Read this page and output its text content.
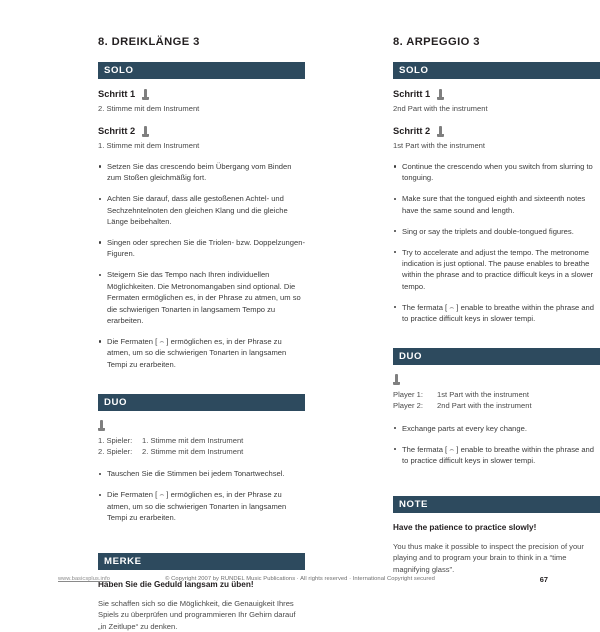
8. DREIKLÄNGE 3
SOLO
Schritt 1
2. Stimme mit dem Instrument
Schritt 2
1. Stimme mit dem Instrument
Setzen Sie das crescendo beim Übergang vom Binden zum Stoßen gleichmäßig fort.
Achten Sie darauf, dass alle gestoßenen Achtel- und Sechzehntelnoten den gleichen Klang und die gleiche Länge beibehalten.
Singen oder sprechen Sie die Triolen- bzw. Doppelzungen-Figuren.
Steigern Sie das Tempo nach Ihren individuellen Möglichkeiten. Die Metronomangaben sind optional. Die Fermaten ermöglichen es, in der Phrase zu atmen, um so die schwierigen Tonarten in langsamem Tempo zu erarbeiten.
Die Fermaten [ ⌢ ] ermöglichen es, in der Phrase zu atmen, um so die schwierigen Tonarten in langsamen Tempi zu erarbeiten.
DUO
1. Spieler:	1. Stimme mit dem Instrument
2. Spieler:	2. Stimme mit dem Instrument
Tauschen Sie die Stimmen bei jedem Tonartwechsel.
Die Fermaten [ ⌢ ] ermöglichen es, in der Phrase zu atmen, um so die schwierigen Tonarten in langsamen Tempi zu erarbeiten.
MERKE
Haben Sie die Geduld langsam zu üben!
Sie schaffen sich so die Möglichkeit, die Genauigkeit Ihres Spiels zu überprüfen und programmieren Ihr Gehirn darauf „in Zeitlupe“ zu denken.
8. ARPEGGIO 3
SOLO
Schritt 1
2nd Part with the instrument
Schritt 2
1st Part with the instrument
Continue the crescendo when you switch from slurring to tonguing.
Make sure that the tongued eighth and sixteenth notes have the same sound and length.
Sing or say the triplets and double-tongued figures.
Try to accelerate and adjust the tempo. The metronome indication is just optional. The pause enables to breathe within the phrase and to practice difficult keys in a slower tempo.
The fermata [ ⌢ ] enable to breathe within the phrase and to practice difficult keys in slower tempi.
DUO
Player 1:	1st Part with the instrument
Player 2:	2nd Part with the instrument
Exchange parts at every key change.
The fermata [ ⌢ ] enable to breathe within the phrase and to practice difficult keys in slower tempi.
NOTE
Have the patience to practice slowly!
You thus make it possible to inspect the precision of your playing and to program your brain to think in a “time magnifying glass”.
www.basicsplus.info	© Copyright 2007 by RUNDEL Music Publications · All rights reserved · International Copyright secured	67
